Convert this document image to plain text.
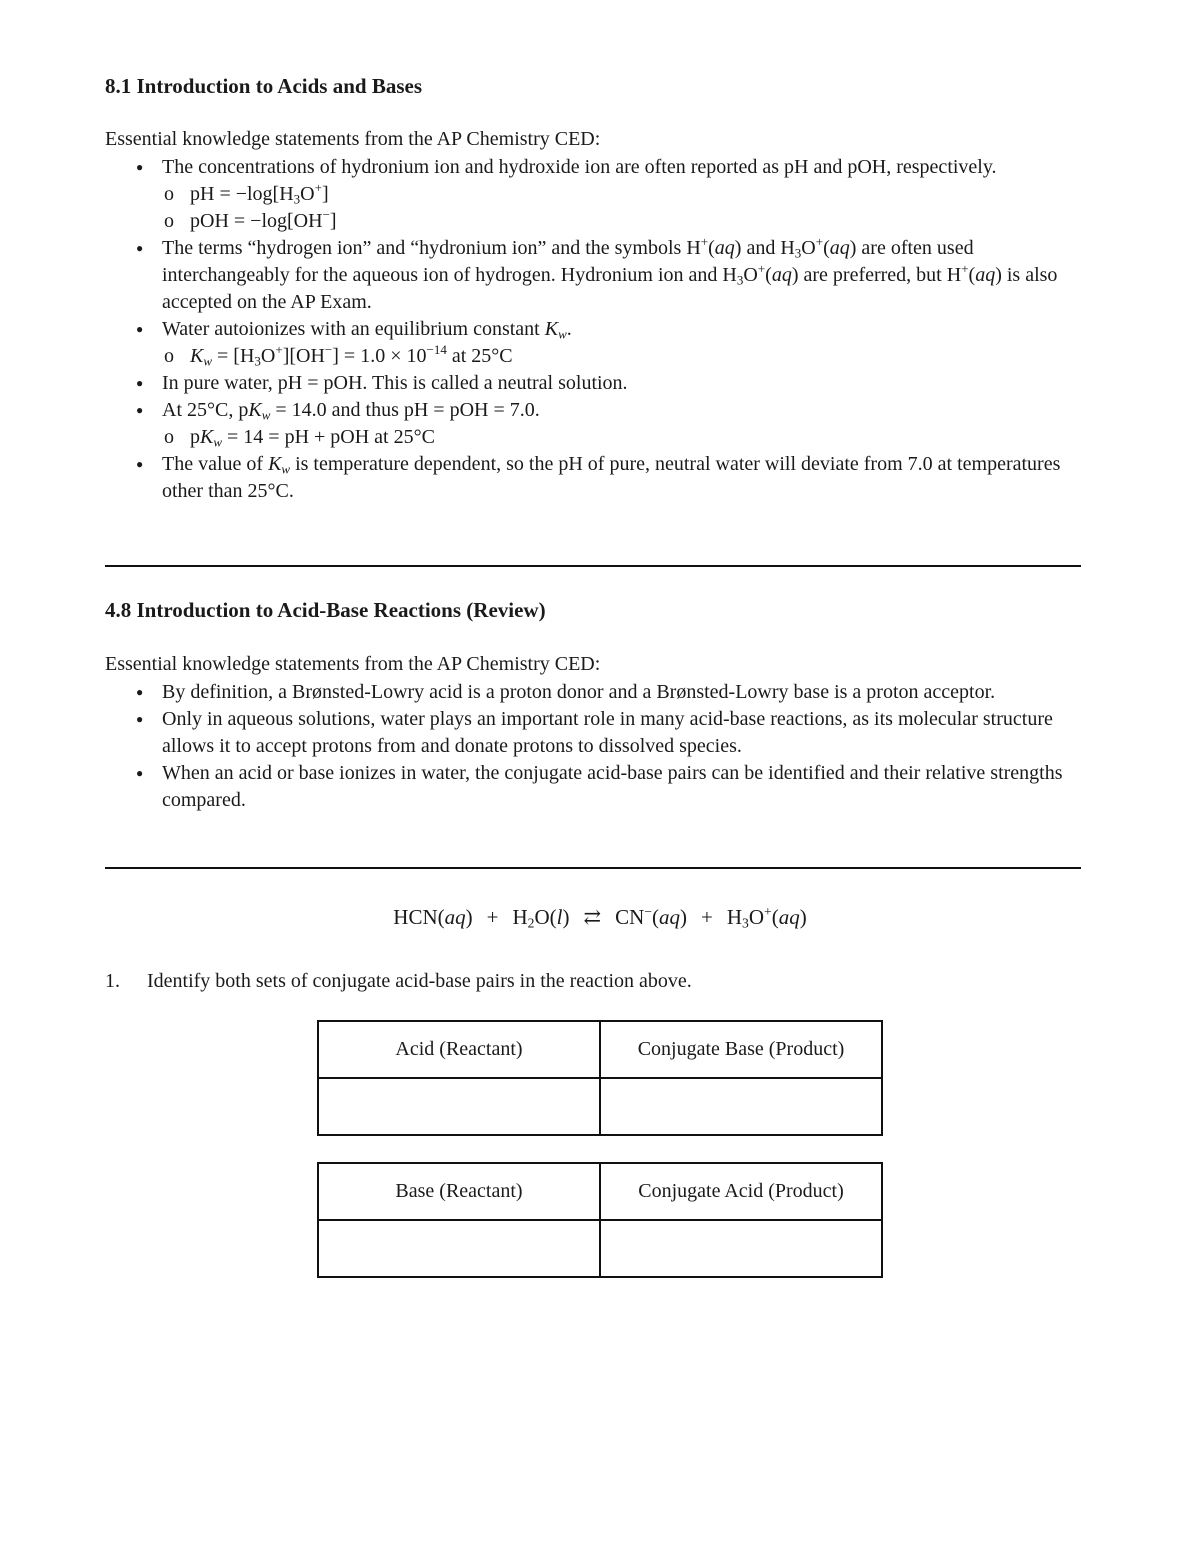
8.1 Introduction to Acids and Bases

Essential knowledge statements from the AP Chemistry CED:

● The concentrations of hydronium ion and hydroxide ion are often reported as pH and pOH, respectively.
o pH = $-\log[H_3O^+]$
o pOH = −log[OH−]
● The terms “hydrogen ion” and “hydronium ion” and the symbols H+(aq) and $H_3O^+(aq)$ are often used interchangeably for the aqueous ion of hydrogen. Hydronium ion and $H_3O^+(aq)$ are preferred, but H+(aq) is also accepted on the AP Exam.
● Water autoionizes with an equilibrium constant $K_w$.
o $K_w = [H_3O^+][OH^-] = 1.0 \times 10^{-14}$ at 25°C
● In pure water, pH = pOH. This is called a neutral solution.
● At 25°C, $pK_w = 14.0$ and thus pH = pOH = 7.0.
o $pK_w = 14$ = pH + pOH at 25°C
● The value of $K_w$ is temperature dependent, so the pH of pure, neutral water will deviate from 7.0 at temperatures other than 25°C.
4.8 Introduction to Acid-Base Reactions (Review)

Essential knowledge statements from the AP Chemistry CED:

● By definition, a Brønsted-Lowry acid is a proton donor and a Brønsted-Lowry base is a proton acceptor.
● Only in aqueous solutions, water plays an important role in many acid-base reactions, as its molecular structure allows it to accept protons from and donate protons to dissolved species.
● When an acid or base ionizes in water, the conjugate acid-base pairs can be identified and their relative strengths compared.

$HCN(aq) + H_2O(l)$ ⇄ $CN^-(aq) + H_3O^+(aq)$

1. Identify both sets of conjugate acid-base pairs in the reaction above.

Acid (Reactant)	Conjugate Base (Product)

Base (Reactant)	Conjugate Acid (Product)
